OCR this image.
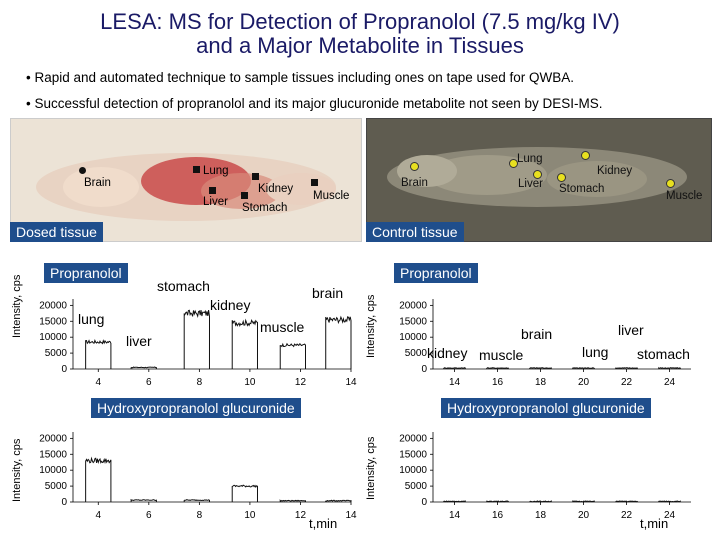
LESA: MS for Detection of Propranolol (7.5 mg/kg IV)
and a Major Metabolite in Tissues
• Rapid and automated technique to sample tissues including ones on tape used for QWBA.
• Successful detection of propranolol and its major glucuronide metabolite not seen by DESI-MS.
Brain
Lung
Liver
Kidney
Stomach
Muscle
Dosed tissue
Brain
Lung
Liver
Kidney
Stomach
Muscle
Control tissue
Propranolol
stomach
kidney
brain
muscle
lung
liver
Intensity, cps 20000
15000
10000
5000
0
4	6	8	10	12	14
Propranolol
brain
kidney muscle
liver
lung stomach
Intensity, cps 20000
15000
10000
5000
0
14	16	18	20	22	24
Hydroxypropranolol glucuronide
Intensity, cps 20000
15000
10000
5000
0
4	6	8	10	12	14
t,min
Hydroxypropranolol glucuronide
Intensity, cps 20000
15000
10000
5000
0
14	16	18	20	22	24
t,min
